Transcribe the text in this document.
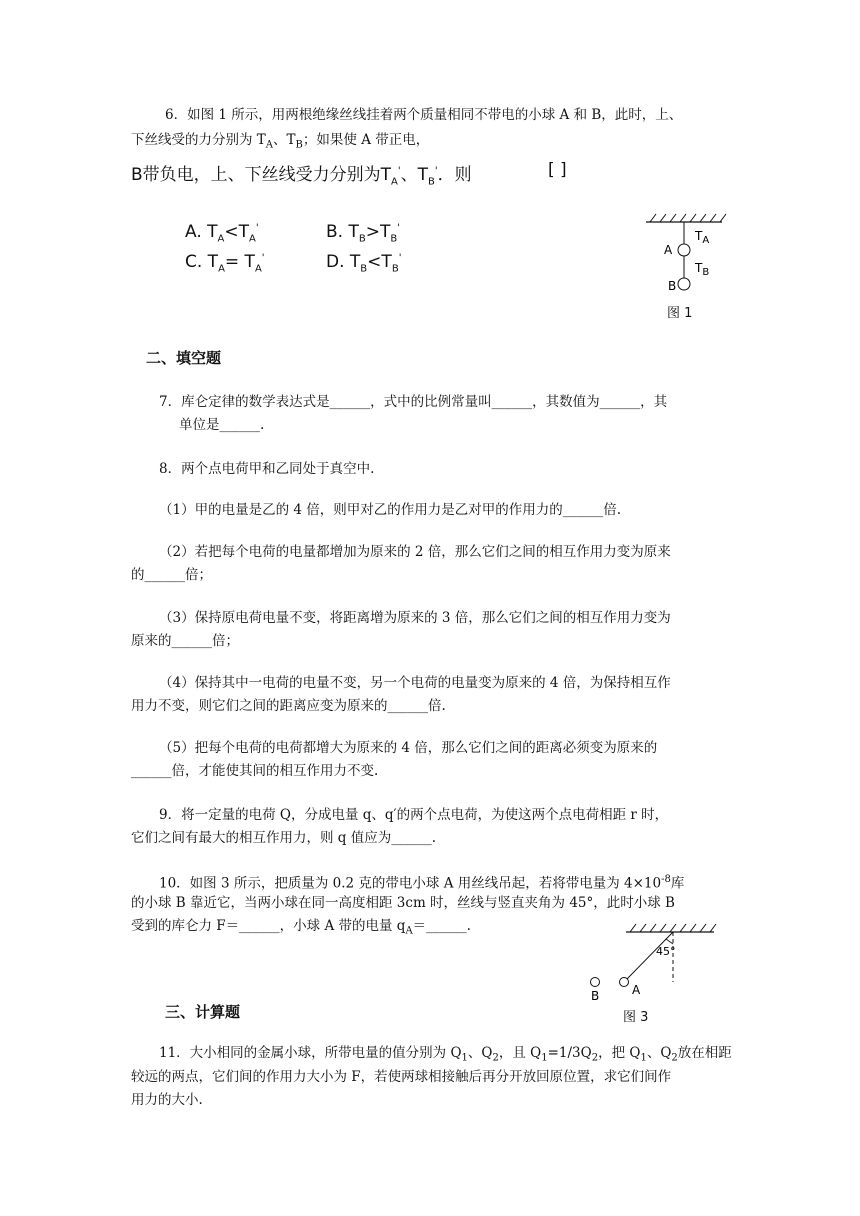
6．如图 1 所示，用两根绝缘丝线挂着两个质量相同不带电的小球 A 和 B，此时，上、
下丝线受的力分别为 $T_A$、$T_B$；如果使 A 带正电，
B带负电，上、下丝线受力分别为$T_A'$、$T_B'$．则	[ ]
A. $T_A<T_A'$	B. $T_B>T_B'$
C. $T_A= T_A'$	D. $T_B<T_B'$
A
B
$T_A$
$T_B$
图 1
二、填空题
7．库仑定律的数学表达式是______，式中的比例常量叫______，其数值为______，其
单位是______.
8．两个点电荷甲和乙同处于真空中.
（1）甲的电量是乙的 4 倍，则甲对乙的作用力是乙对甲的作用力的______倍.
（2）若把每个电荷的电量都增加为原来的 2 倍，那么它们之间的相互作用力变为原来
的______倍；
（3）保持原电荷电量不变，将距离增为原来的 3 倍，那么它们之间的相互作用力变为
原来的______倍；
（4）保持其中一电荷的电量不变，另一个电荷的电量变为原来的 4 倍，为保持相互作
用力不变，则它们之间的距离应变为原来的______倍.
（5）把每个电荷的电荷都增大为原来的 4 倍，那么它们之间的距离必须变为原来的
______倍，才能使其间的相互作用力不变.
9．将一定量的电荷 Q，分成电量 q、q′的两个点电荷，为使这两个点电荷相距 r 时，
它们之间有最大的相互作用力，则 q 值应为______.
10．如图 3 所示，把质量为 0.2 克的带电小球 A 用丝线吊起，若将带电量为 $4\times 10^{-8}$库
的小球 B 靠近它，当两小球在同一高度相距 3cm 时，丝线与竖直夹角为 45°，此时小球 B
受到的库仑力 F＝______，小球 A 带的电量 $q_A=\_\_\_\_\_\_$.
45°
A
B
图 3
三、计算题
11．大小相同的金属小球，所带电量的值分别为 $Q_1$、$Q_2$，且 $Q_1=1/3Q_2$，把 $Q_1$、$Q_2$放在相距
较远的两点，它们间的作用力大小为 F，若使两球相接触后再分开放回原位置，求它们间作
用力的大小.
